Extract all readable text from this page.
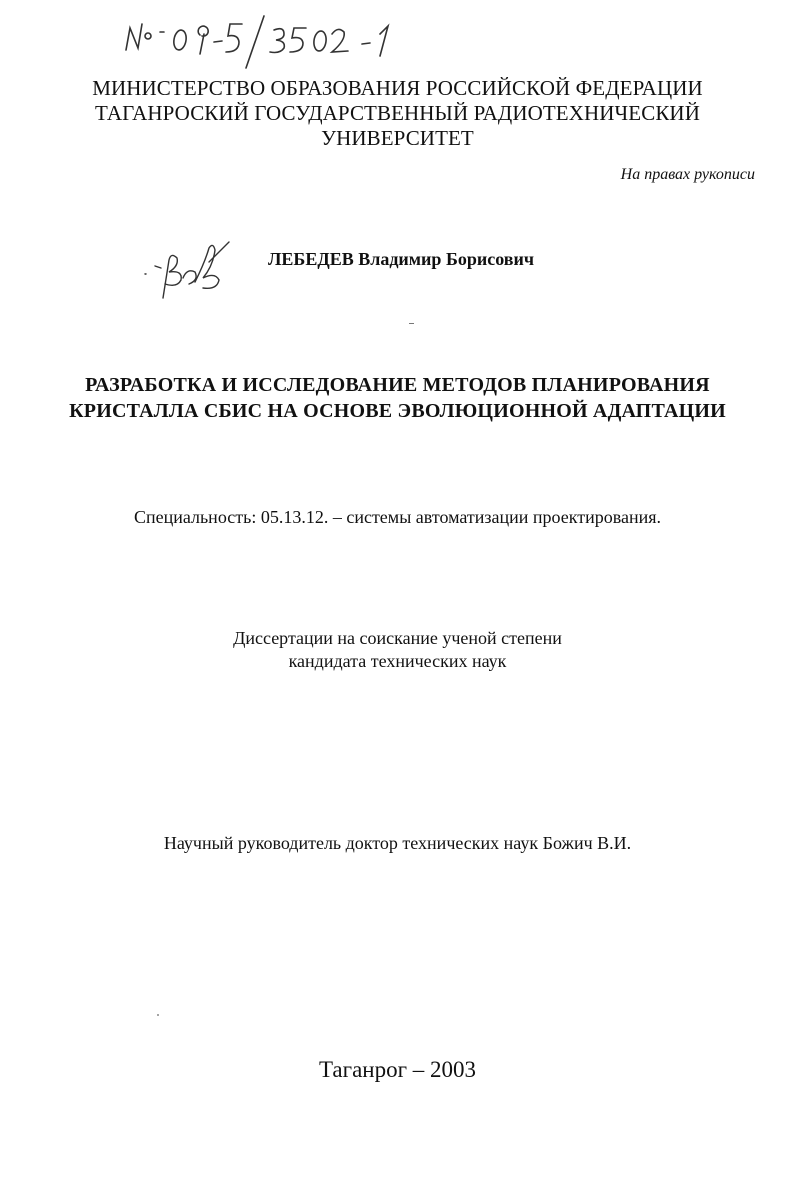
МИНИСТЕРСТВО ОБРАЗОВАНИЯ РОССИЙСКОЙ ФЕДЕРАЦИИ
ТАГАНРОСКИЙ ГОСУДАРСТВЕННЫЙ РАДИОТЕХНИЧЕСКИЙ
УНИВЕРСИТЕТ
На правах рукописи
ЛЕБЕДЕВ Владимир Борисович
РАЗРАБОТКА И ИССЛЕДОВАНИЕ МЕТОДОВ ПЛАНИРОВАНИЯ
КРИСТАЛЛА СБИС НА ОСНОВЕ ЭВОЛЮЦИОННОЙ АДАПТАЦИИ
Специальность: 05.13.12. – системы автоматизации проектирования.
Диссертации на соискание ученой степени
кандидата технических наук
Научный руководитель доктор технических наук Божич В.И.
Таганрог – 2003
